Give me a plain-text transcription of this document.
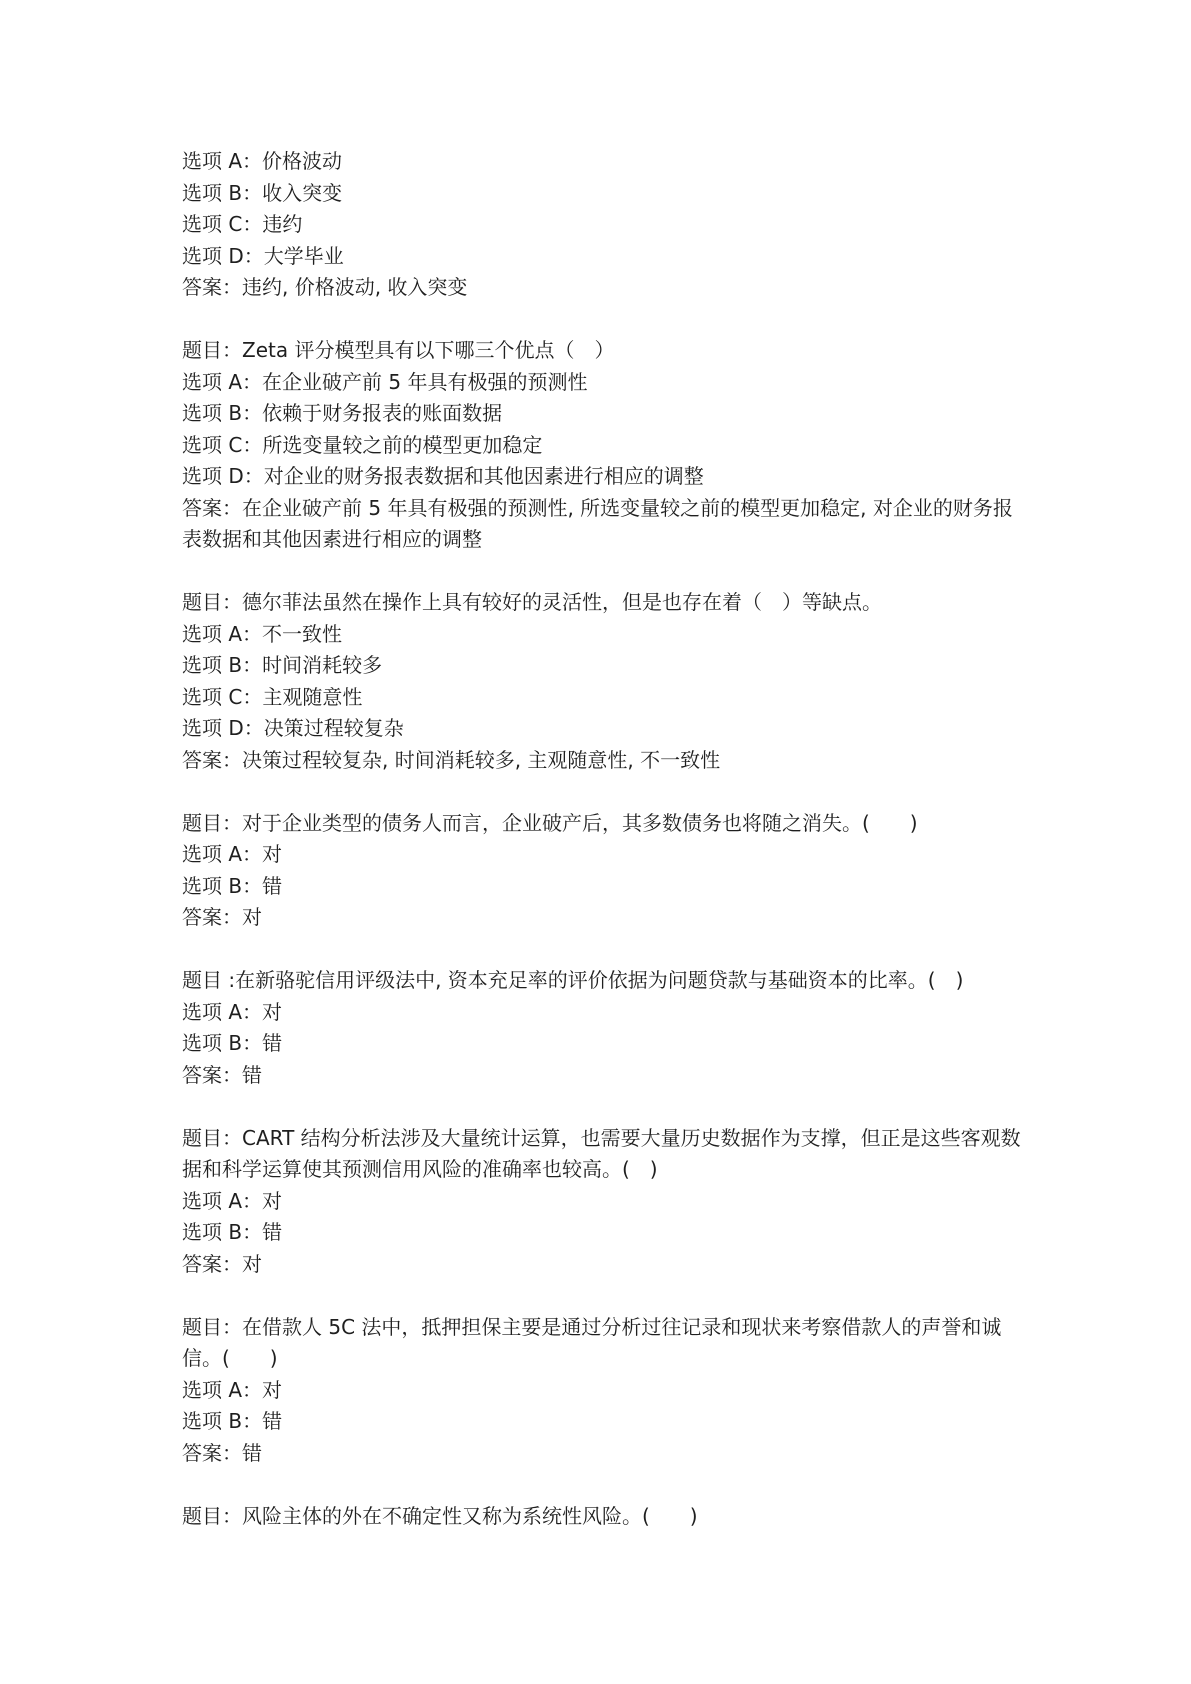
选项 A：价格波动

选项 B：收入突变

选项 C：违约

选项 D：大学毕业

答案：违约, 价格波动, 收入突变

题目：Zeta 评分模型具有以下哪三个优点（　）

选项 A：在企业破产前 5 年具有极强的预测性

选项 B：依赖于财务报表的账面数据

选项 C：所选变量较之前的模型更加稳定

选项 D：对企业的财务报表数据和其他因素进行相应的调整

答案：在企业破产前 5 年具有极强的预测性, 所选变量较之前的模型更加稳定, 对企业的财务报表数据和其他因素进行相应的调整

题目：德尔菲法虽然在操作上具有较好的灵活性，但是也存在着（　）等缺点。

选项 A：不一致性

选项 B：时间消耗较多

选项 C：主观随意性

选项 D：决策过程较复杂

答案：决策过程较复杂, 时间消耗较多, 主观随意性, 不一致性

题目：对于企业类型的债务人而言，企业破产后，其多数债务也将随之消失。(　　)

选项 A：对

选项 B：错

答案：对

题目 :在新骆驼信用评级法中, 资本充足率的评价依据为问题贷款与基础资本的比率。(　)

选项 A：对

选项 B：错

答案：错

题目：CART 结构分析法涉及大量统计运算，也需要大量历史数据作为支撑，但正是这些客观数据和科学运算使其预测信用风险的准确率也较高。(　)

选项 A：对

选项 B：错

答案：对

题目：在借款人 5C 法中，抵押担保主要是通过分析过往记录和现状来考察借款人的声誉和诚信。(　　)

选项 A：对

选项 B：错

答案：错

题目：风险主体的外在不确定性又称为系统性风险。(　　)
